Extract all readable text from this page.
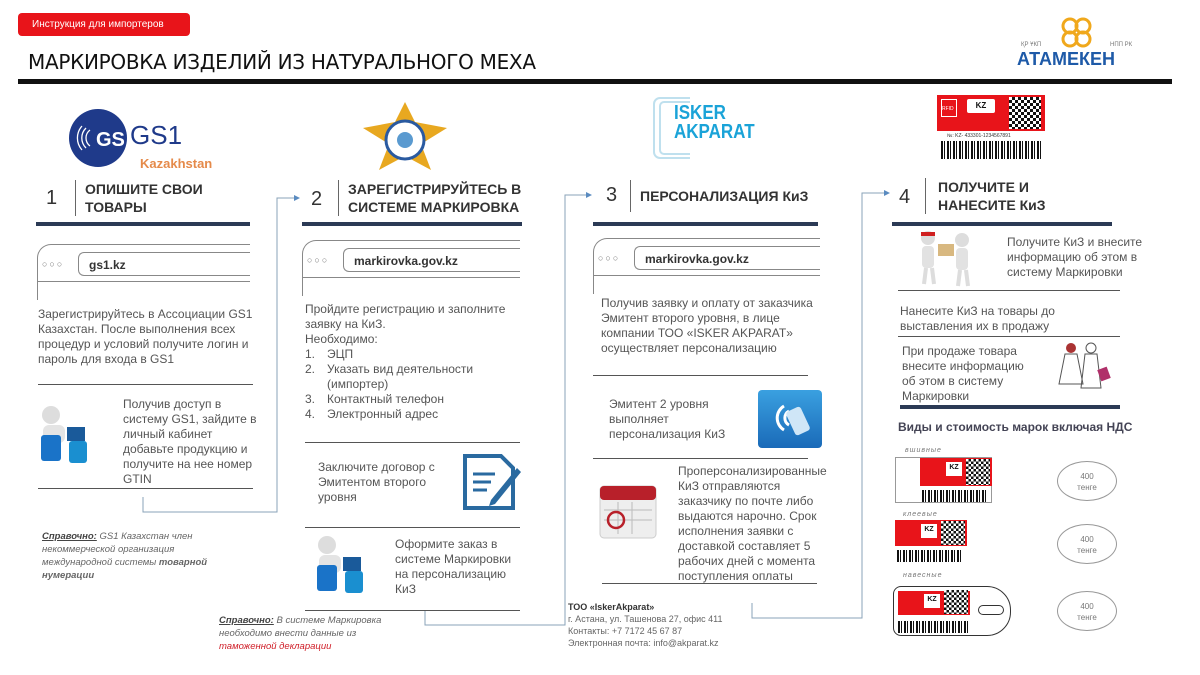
Инструкция для импортеров
МАРКИРОВКА ИЗДЕЛИЙ ИЗ НАТУРАЛЬНОГО МЕХА
ҚР ҰКП	НПП РК
АТАМЕКЕН
GS GS1
Kazakhstan
1 ОПИШИТЕ СВОИ
ТОВАРЫ
○○○	gs1.kz
Зарегистрируйтесь в Ассоциации GS1 Казахстан. После выполнения всех процедур и условий получите логин и пароль для входа в GS1
Получив доступ в систему GS1, зайдите в личный кабинет добавьте продукцию и получите на нее номер GTIN
Справочно: GS1 Казахстан член некоммерческой организация международной системы товарной нумерации
2 ЗАРЕГИСТРИРУЙТЕСЬ В
СИСТЕМЕ МАРКИРОВКА
○○○	markirovka.gov.kz
Пройдите регистрацию и заполните заявку на КиЗ.
Необходимо:
1. ЭЦП
2. Указать вид деятельности (импортер)
3. Контактный телефон
4. Электронный адрес
Заключите договор с Эмитентом второго уровня
Оформите заказ в системе Маркировки на персонализацию КиЗ
Справочно: В системе Маркировка необходимо внести данные из таможенной декларации
ISKER
AKPARAT
3 ПЕРСОНАЛИЗАЦИЯ КиЗ
○○○	markirovka.gov.kz
Получив заявку и оплату от заказчика Эмитент второго уровня, в лице компании ТОО «ISKER AKPARAT» осуществляет персонализацию
Эмитент 2 уровня выполняет персонализация КиЗ
Проперсонализированные КиЗ отправляются заказчику по почте либо выдаются нарочно. Срок исполнения заявки с доставкой составляет 5 рабочих дней с момента поступления оплаты
ТОО «IskerAkparat»
г. Астана, ул. Ташенова 27, офис 411
Контакты: +7 7172 45 67 87
Электронная почта: info@akparat.kz
RFID	KZ
№: KZ- 433301-1234567891
4 ПОЛУЧИТЕ И
НАНЕСИТЕ КиЗ
Получите КиЗ и внесите информацию об этом в систему Маркировки
Нанесите КиЗ на товары до выставления их в продажу
При продаже товара внесите информацию об этом в систему Маркировки
Виды и стоимость марок включая НДС
вшивные
KZ
400
тенге
клеевые
KZ
400
тенге
навесные
KZ
400
тенге
